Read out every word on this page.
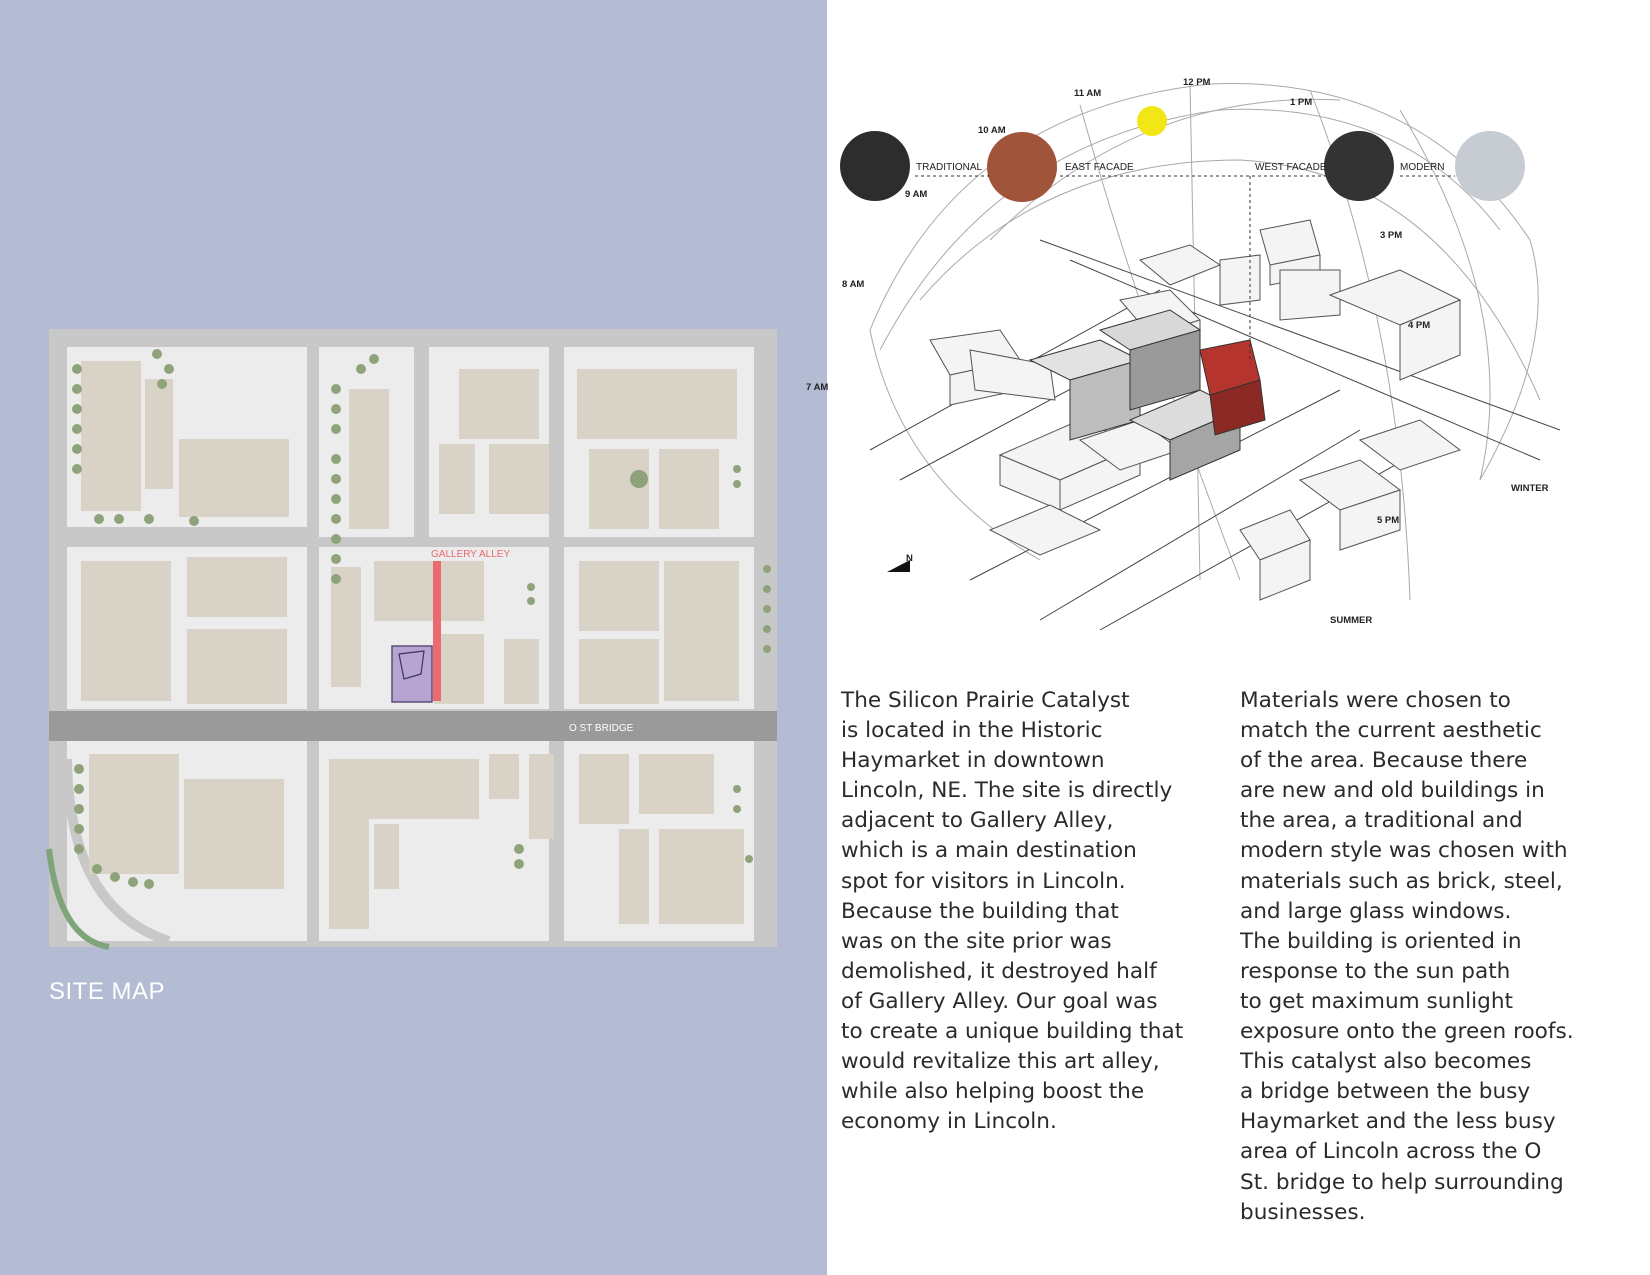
O ST BRIDGE
GALLERY ALLEY
SITE MAP
9 AM
10 AM
11 AM
12 PM
1 PM
3 PM
4 PM
5 PM
7 AM
8 AM
WINTER
SUMMER
TRADITIONAL	EAST FACADE	WEST FACADE	MODERN
N
The Silicon Prairie Catalyst
is located in the Historic
Haymarket in downtown
Lincoln, NE. The site is directly
adjacent to Gallery Alley,
which is a main destination
spot for visitors in Lincoln.
Because the building that
was on the site prior was
demolished, it destroyed half
of Gallery Alley. Our goal was
to create a unique building that
would revitalize this art alley,
while also helping boost the
economy in Lincoln.
Materials were chosen to
match the current aesthetic
of the area. Because there
are new and old buildings in
the area, a traditional and
modern style was chosen with
materials such as brick, steel,
and large glass windows.
The building is oriented in
response to the sun path
to get maximum sunlight
exposure onto the green roofs.
This catalyst also becomes
a bridge between the busy
Haymarket and the less busy
area of Lincoln across the O
St. bridge to help surrounding
businesses.
